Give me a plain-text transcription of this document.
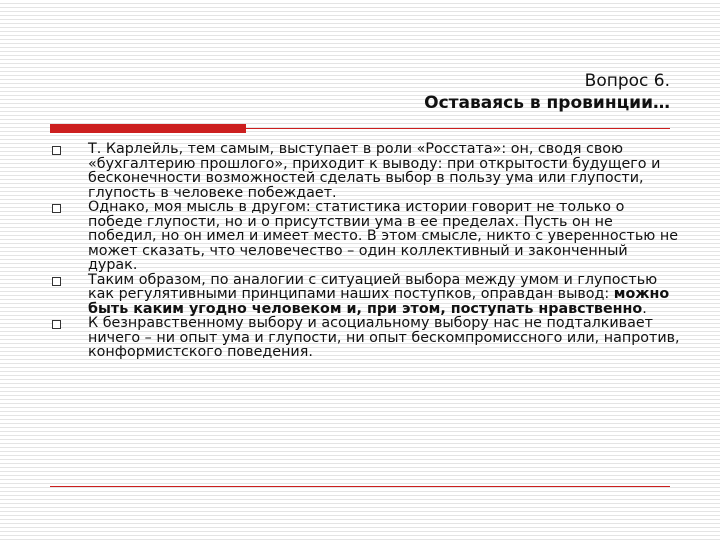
Вопрос 6.

Оставаясь в провинции…

Т. Карлейль, тем самым, выступает в роли «Росстата»: он, сводя свою «бухгалтерию прошлого», приходит к выводу: при открытости будущего и бесконечности возможностей сделать выбор в пользу ума или глупости, глупость в человеке побеждает.

Однако, моя мысль в другом: статистика истории говорит не только о победе глупости, но и о присутствии ума в ее пределах. Пусть он не победил, но он имел и имеет место. В этом смысле, никто с уверенностью не может сказать, что человечество – один коллективный и законченный дурак.

Таким образом, по аналогии с ситуацией выбора между умом и глупостью как регулятивными принципами наших поступков, оправдан вывод: можно быть каким угодно человеком и, при этом, поступать нравственно.

К безнравственному выбору и асоциальному выбору нас не подталкивает ничего – ни опыт ума и глупости, ни опыт бескомпромиссного или, напротив, конформистского поведения.
